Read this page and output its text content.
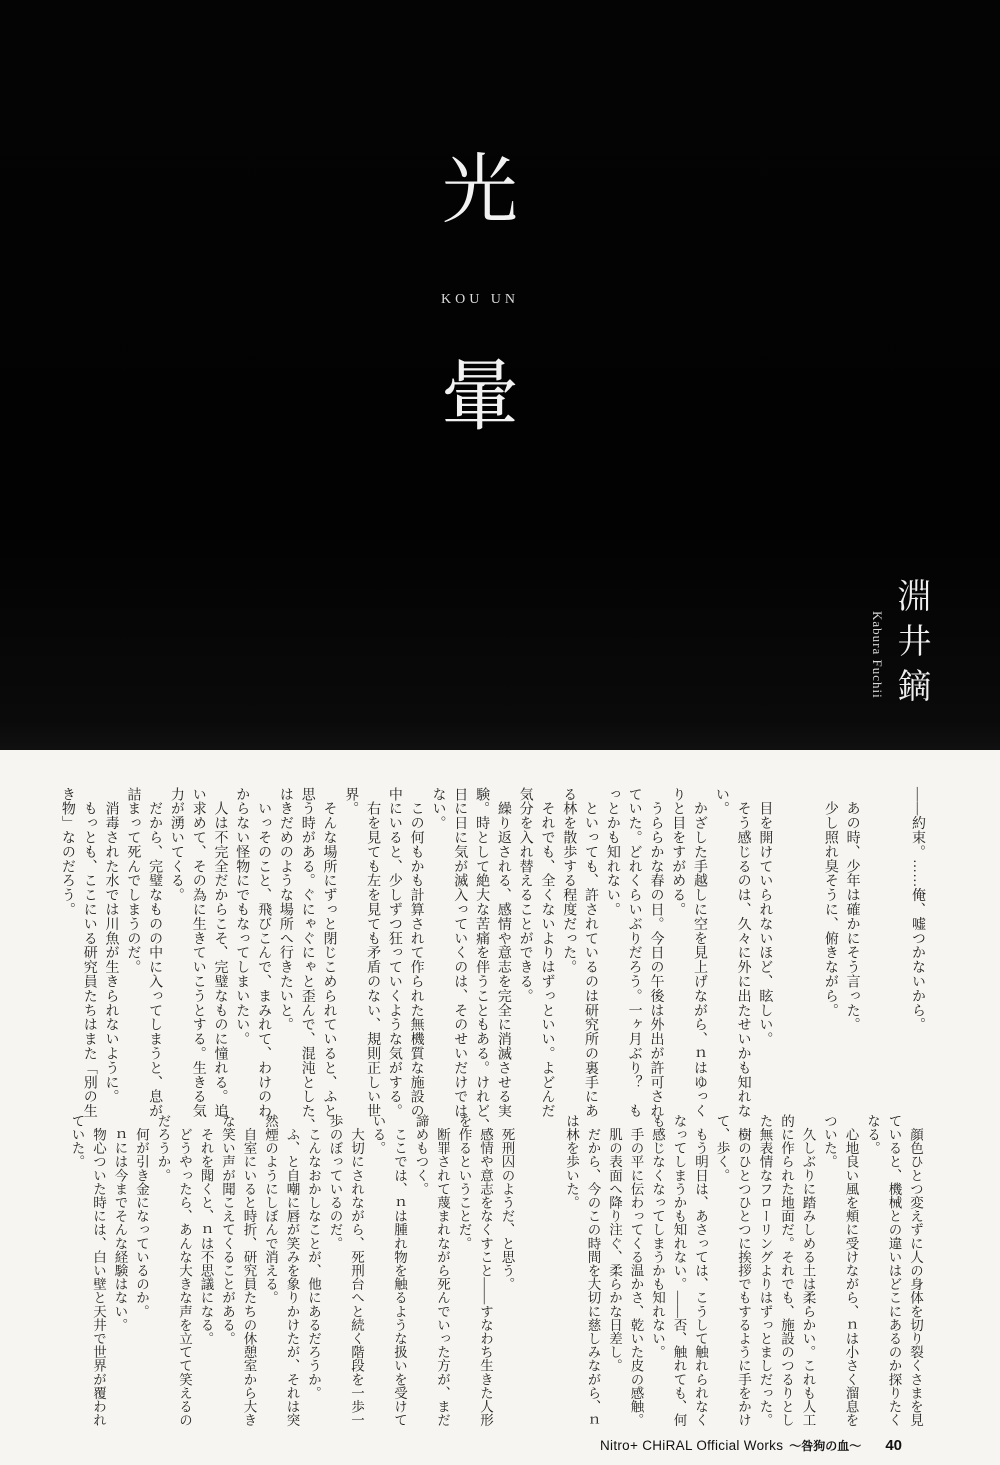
光
KOU UN
暈
淵井鏑
Kabura Fuchii
——約束。……俺、嘘つかないから。
　あの時、少年は確かにそう言った。
　少し照れ臭そうに、俯きながら。
　目を開けていられないほど、眩しい。
　そう感じるのは、久々に外に出たせいかも知れな
い。
　かざした手越しに空を見上げながら、ｎはゆっく
りと目をすがめる。
　うららかな春の日。今日の午後は外出が許可され
ていた。どれくらいぶりだろう。一ヶ月ぶり？　も
っとかも知れない。
　といっても、許されているのは研究所の裏手にあ
る林を散歩する程度だった。
　それでも、全くないよりはずっといい。よどんだ
気分を入れ替えることができる。
　繰り返される、感情や意志を完全に消滅させる実
験。時として絶大な苦痛を伴うこともある。けれど、
日に日に気が滅入っていくのは、そのせいだけでは
ない。
　この何もかも計算されて作られた無機質な施設の
中にいると、少しずつ狂っていくような気がする。
　右を見ても左を見ても矛盾のない、規則正しい世
界。
　そんな場所にずっと閉じこめられていると、ふと
思う時がある。ぐにゃぐにゃと歪んで、混沌とした、
はきだめのような場所へ行きたいと。
　いっそのこと、飛びこんで、まみれて、わけのわ
からない怪物にでもなってしまいたい。
　人は不完全だからこそ、完璧なものに憧れる。追
い求めて、その為に生きていこうとする。生きる気
力が湧いてくる。
　だから、完璧なものの中に入ってしまうと、息が
詰まって死んでしまうのだ。
　消毒された水では川魚が生きられないように。
　もっとも、ここにいる研究員たちはまた「別の生
き物」なのだろう。
　顔色ひとつ変えずに人の身体を切り裂くさまを見
ていると、機械との違いはどこにあるのか探りたく
なる。
　心地良い風を頬に受けながら、ｎは小さく溜息を
ついた。
　久しぶりに踏みしめる土は柔らかい。これも人工
的に作られた地面だ。それでも、施設のつるりとし
た無表情なフローリングよりはずっとましだった。
　樹のひとつひとつに挨拶でもするように手をかけ
て、歩く。
　もう明日は、あさっては、こうして触れられなく
なってしまうかも知れない。——否、触れても、何
も感じなくなってしまうかも知れない。
　手の平に伝わってくる温かさ、乾いた皮の感触。
　肌の表面へ降り注ぐ、柔らかな日差し。
　だから、今のこの時間を大切に慈しみながら、ｎ
は林を歩いた。
　死刑囚のようだ、と思う。
　感情や意志をなくすこと——すなわち生きた人形
を作るということだ。
　断罪されて蔑まれながら死んでいった方が、まだ
諦めもつく。
　ここでは、ｎは腫れ物を触るような扱いを受けて
いる。
　大切にされながら、死刑台へと続く階段を一歩一
歩のぼっているのだ。
　こんなおかしなことが、他にあるだろうか。
　ふ、と自嘲に唇が笑みを象りかけたが、それは突
然煙のようにしぼんで消える。
　自室にいると時折、研究員たちの休憩室から大き
な笑い声が聞こえてくることがある。
　それを聞くと、ｎは不思議になる。
　どうやったら、あんな大きな声を立てて笑えるの
だろうか。
　何が引き金になっているのか。
　ｎには今までそんな経験はない。
　物心ついた時には、白い壁と天井で世界が覆われ
ていた。
Nitro+ CHiRAL Official Works ～咎狗の血～ 40
